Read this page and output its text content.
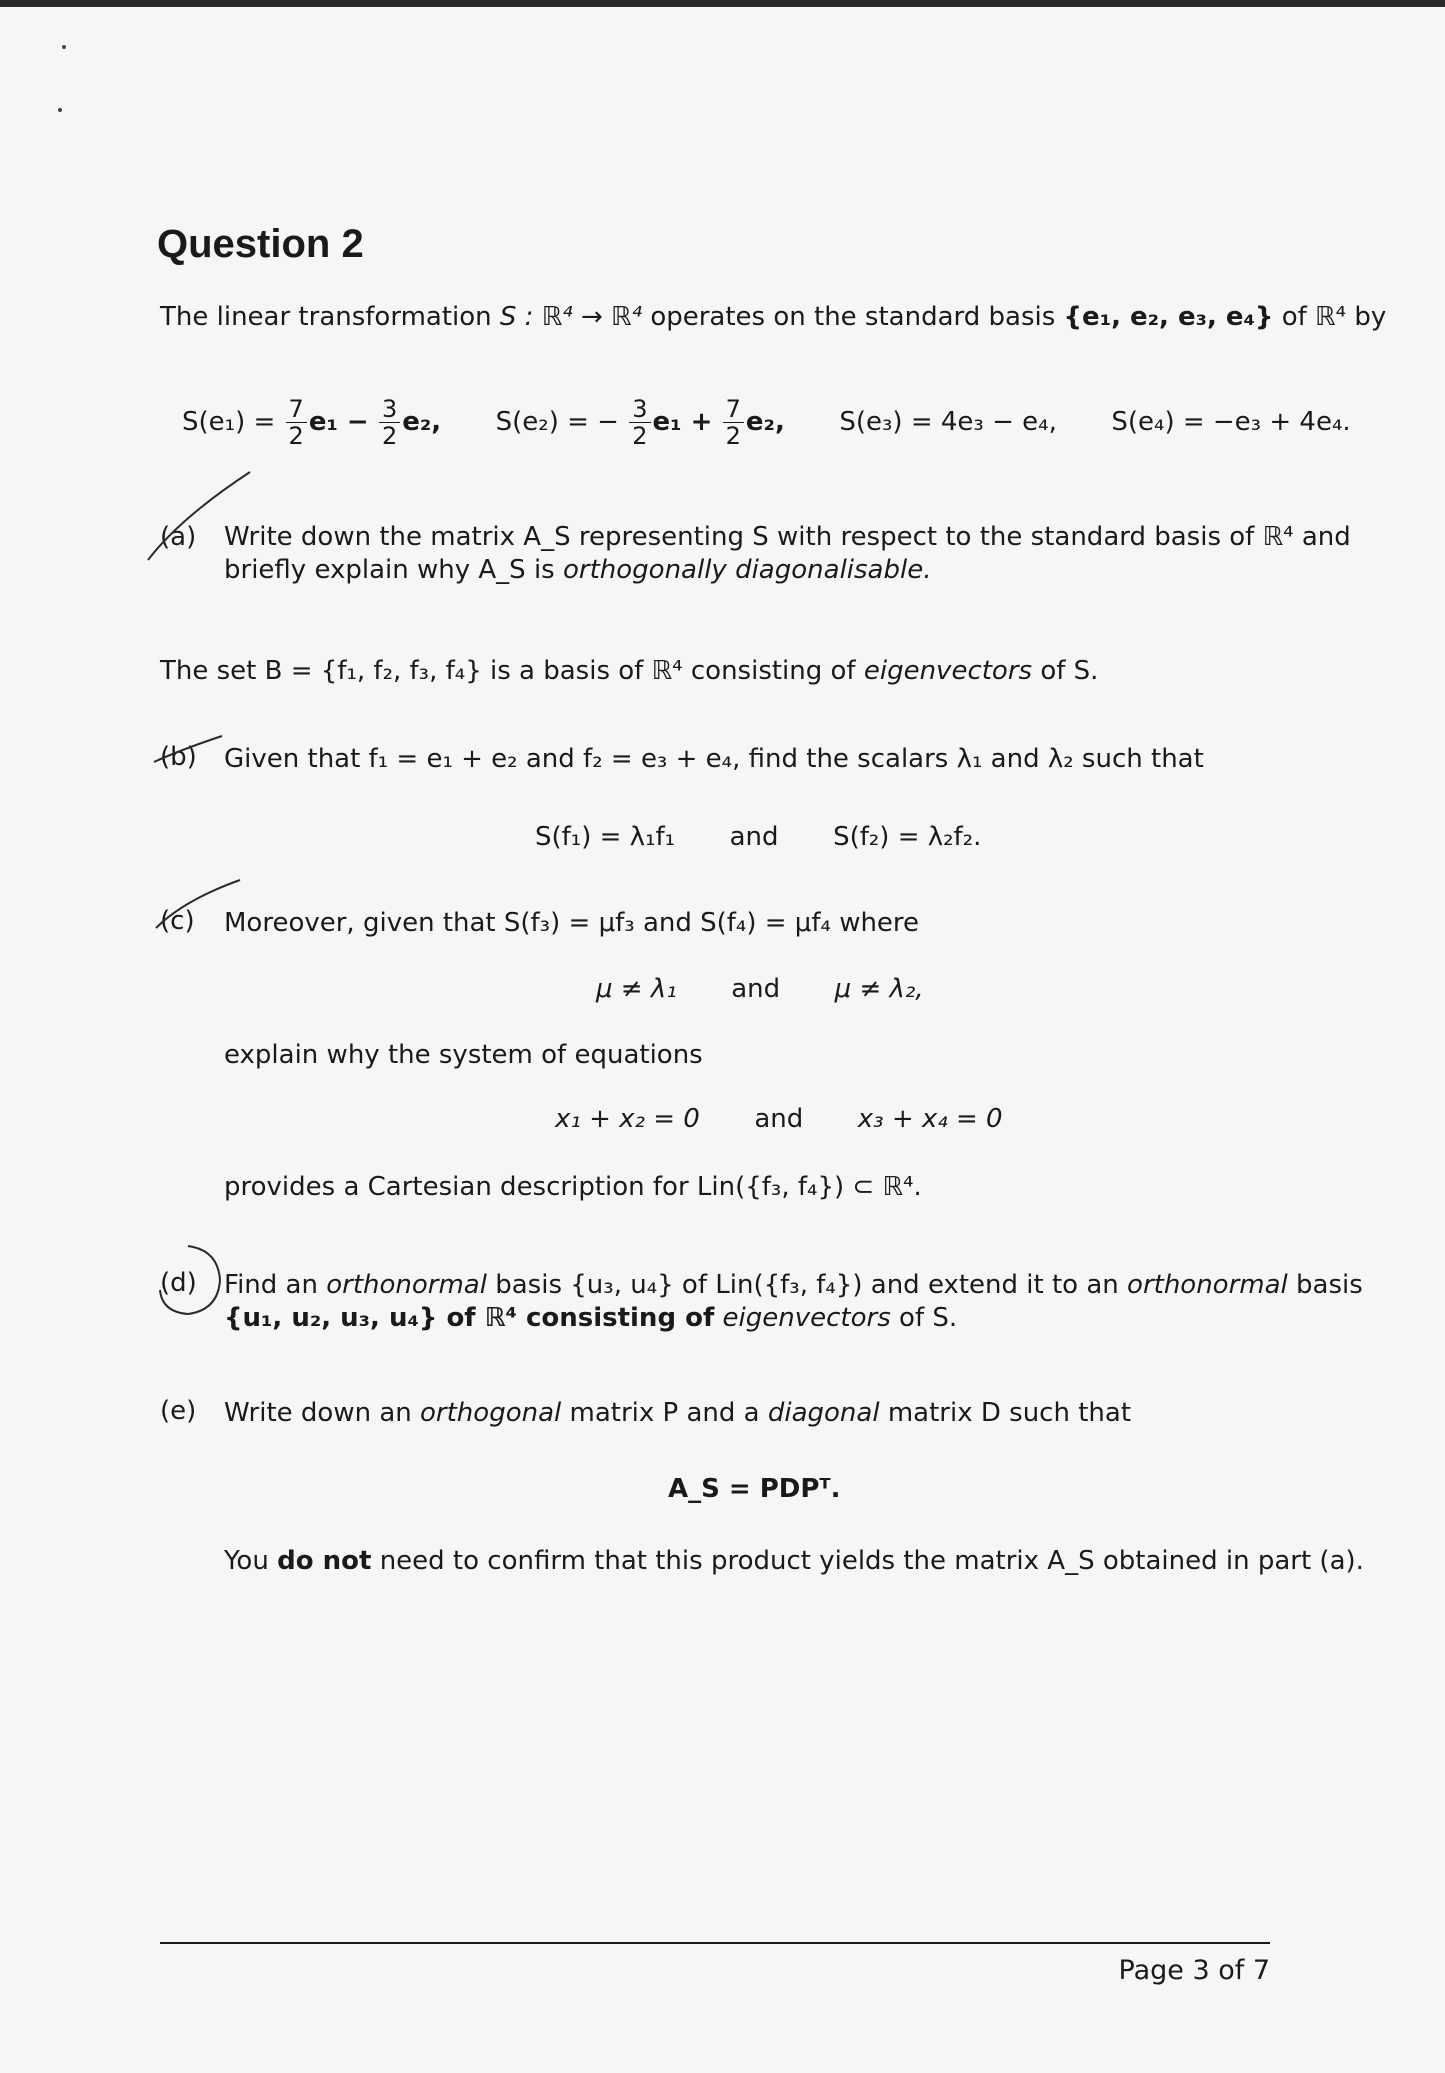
Question 2
The linear transformation S : ℝ⁴ → ℝ⁴ operates on the standard basis {e₁, e₂, e₃, e₄} of ℝ⁴ by
$S(e_1) = \frac{7}{2} e_1 - \frac{3}{2} e_2$, S(e₂) = − $\frac{3}{2} e_1 + \frac{7}{2} e_2$, S(e₃) = 4e₃ − e₄, S(e₄) = −e₃ + 4e₄.
(a) Write down the matrix A_S representing S with respect to the standard basis of ℝ⁴ and
briefly explain why A_S is orthogonally diagonalisable.
The set B = {f₁, f₂, f₃, f₄} is a basis of ℝ⁴ consisting of eigenvectors of S.
(b) Given that f₁ = e₁ + e₂ and f₂ = e₃ + e₄, find the scalars λ₁ and λ₂ such that
S(f₁) = λ₁f₁ and S(f₂) = λ₂f₂.
(c) Moreover, given that S(f₃) = μf₃ and S(f₄) = μf₄ where
μ ≠ λ₁ and μ ≠ λ₂,
explain why the system of equations
x₁ + x₂ = 0 and x₃ + x₄ = 0
provides a Cartesian description for Lin({f₃, f₄}) ⊂ ℝ⁴.
(d) Find an orthonormal basis {u₃, u₄} of Lin({f₃, f₄}) and extend it to an orthonormal basis
{u₁, u₂, u₃, u₄} of ℝ⁴ consisting of eigenvectors of S.
(e) Write down an orthogonal matrix P and a diagonal matrix D such that
A_S = PDPᵀ.
You do not need to confirm that this product yields the matrix A_S obtained in part (a).
Page 3 of 7
